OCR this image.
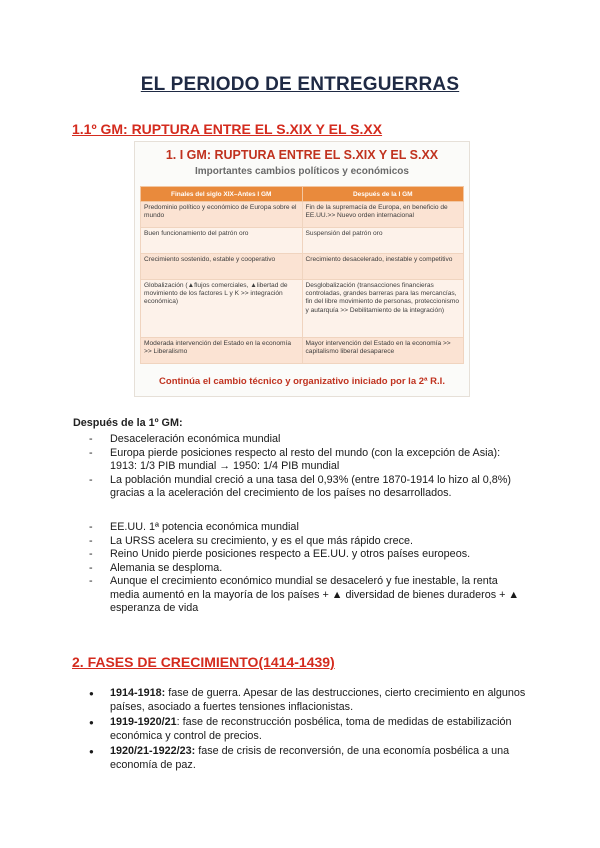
EL PERIODO DE ENTREGUERRAS
1.1º GM: RUPTURA ENTRE EL S.XIX Y EL S.XX
1. I GM: RUPTURA ENTRE EL S.XIX Y EL S.XX
Importantes cambios políticos y económicos
Finales del siglo XIX–Antes I GM	Después de la I GM
Predominio político y económico de Europa sobre el mundo	Fin de la supremacía de Europa, en beneficio de EE.UU.>> Nuevo orden internacional
Buen funcionamiento del patrón oro	Suspensión del patrón oro
Crecimiento sostenido, estable y cooperativo	Crecimiento desacelerado, inestable y competitivo
Globalización (▲flujos comerciales, ▲libertad de movimiento de los factores L y K >> integración económica)	Desglobalización (transacciones financieras controladas, grandes barreras para las mercancías, fin del libre movimiento de personas, proteccionismo y autarquía >> Debilitamiento de la integración)
Moderada intervención del Estado en la economía >> Liberalismo	Mayor intervención del Estado en la economía >> capitalismo liberal desaparece
Continúa el cambio técnico y organizativo iniciado por la 2ª R.I.
Después de la 1º GM:
- Desaceleración económica mundial
- Europa pierde posiciones respecto al resto del mundo (con la excepción de Asia): 1913: 1/3 PIB mundial → 1950: 1/4 PIB mundial
- La población mundial creció a una tasa del 0,93% (entre 1870-1914 lo hizo al 0,8%) gracias a la aceleración del crecimiento de los países no desarrollados.
- EE.UU. 1ª potencia económica mundial
- La URSS acelera su crecimiento, y es el que más rápido crece.
- Reino Unido pierde posiciones respecto a EE.UU. y otros países europeos.
- Alemania se desploma.
- Aunque el crecimiento económico mundial se desaceleró y fue inestable, la renta media aumentó en la mayoría de los países + ▲ diversidad de bienes duraderos + ▲ esperanza de vida
2. FASES DE CRECIMIENTO(1414-1439)
● 1914-1918: fase de guerra. Apesar de las destrucciones, cierto crecimiento en algunos países, asociado a fuertes tensiones inflacionistas.
● 1919-1920/21: fase de reconstrucción posbélica, toma de medidas de estabilización económica y control de precios.
● 1920/21-1922/23: fase de crisis de reconversión, de una economía posbélica a una economía de paz.
